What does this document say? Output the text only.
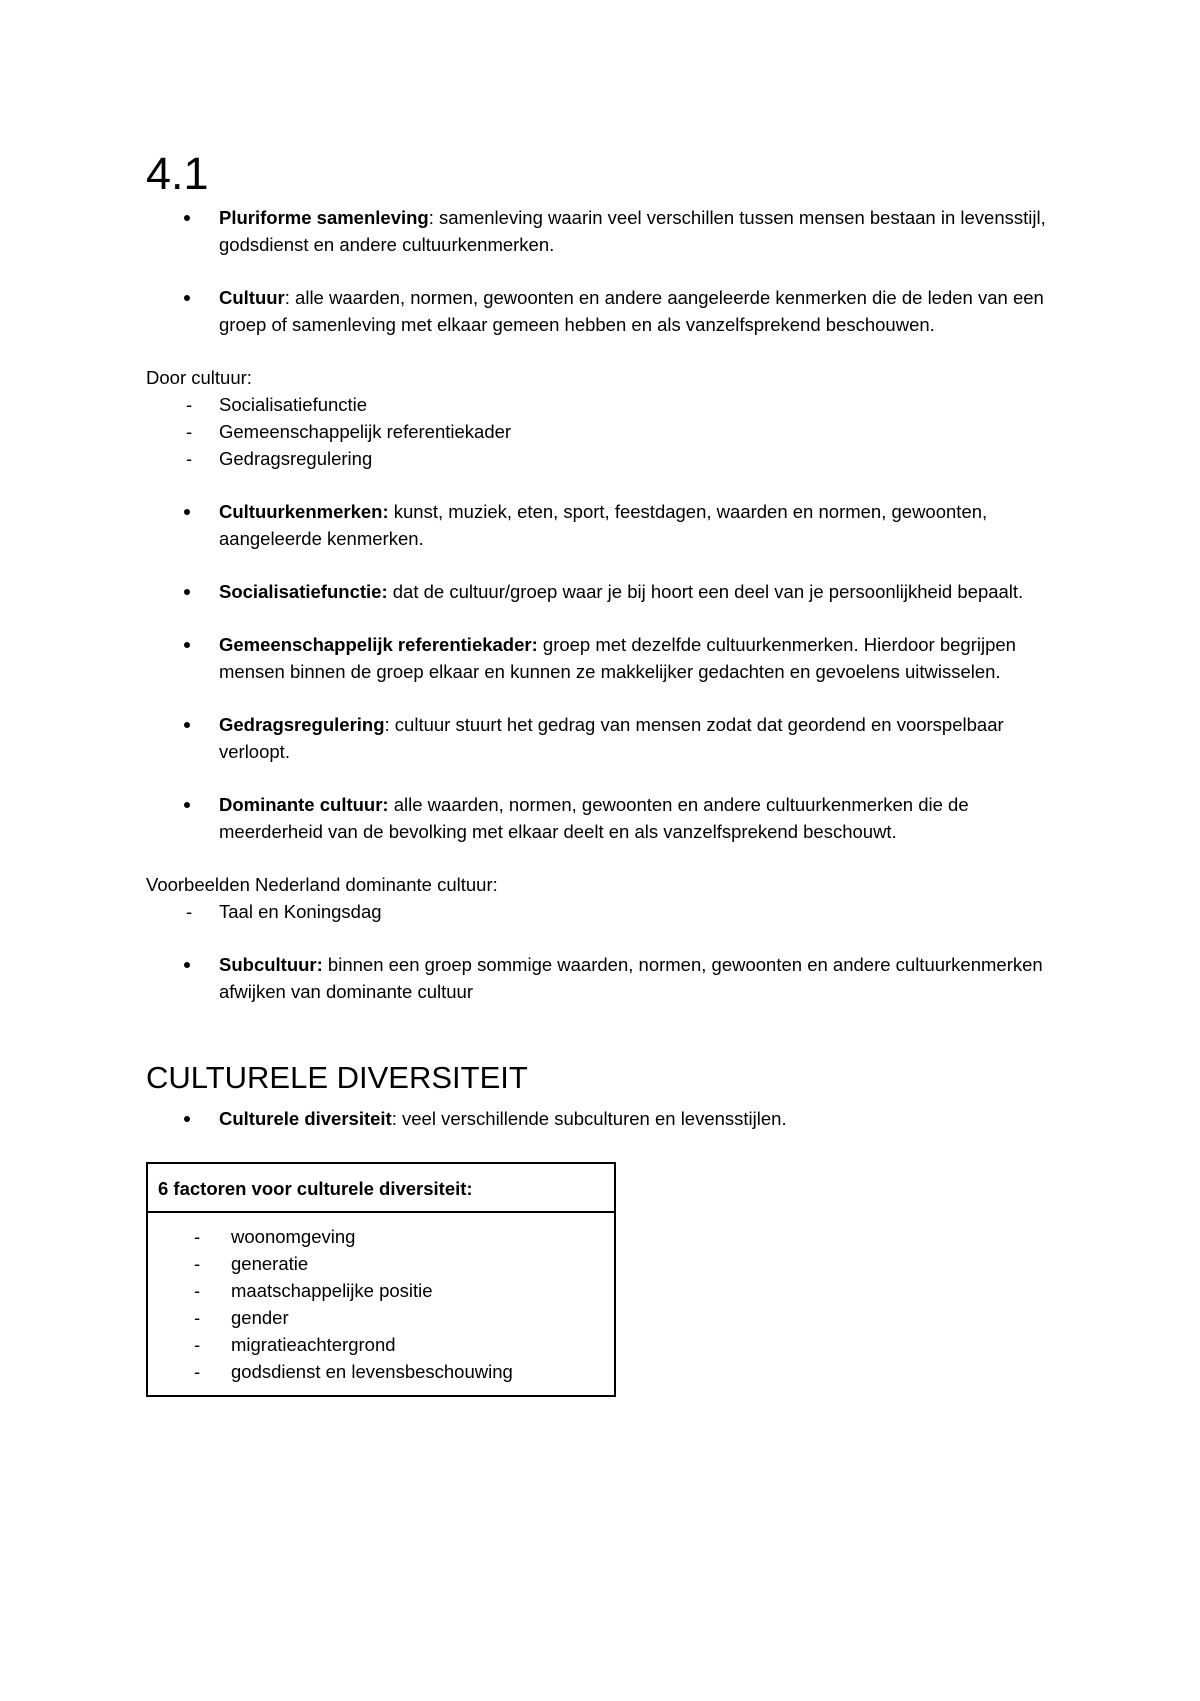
4.1
Pluriforme samenleving: samenleving waarin veel verschillen tussen mensen bestaan in levensstijl, godsdienst en andere cultuurkenmerken.
Cultuur: alle waarden, normen, gewoonten en andere aangeleerde kenmerken die de leden van een groep of samenleving met elkaar gemeen hebben en als vanzelfsprekend beschouwen.

Door cultuur:

- Socialisatiefunctie
- Gemeenschappelijk referentiekader
- Gedragsregulering
Cultuurkenmerken: kunst, muziek, eten, sport, feestdagen, waarden en normen, gewoonten, aangeleerde kenmerken.
Socialisatiefunctie: dat de cultuur/groep waar je bij hoort een deel van je persoonlijkheid bepaalt.
Gemeenschappelijk referentiekader: groep met dezelfde cultuurkenmerken. Hierdoor begrijpen mensen binnen de groep elkaar en kunnen ze makkelijker gedachten en gevoelens uitwisselen.
Gedragsregulering: cultuur stuurt het gedrag van mensen zodat dat geordend en voorspelbaar verloopt.
Dominante cultuur: alle waarden, normen, gewoonten en andere cultuurkenmerken die de meerderheid van de bevolking met elkaar deelt en als vanzelfsprekend beschouwt.

Voorbeelden Nederland dominante cultuur:

- Taal en Koningsdag
Subcultuur: binnen een groep sommige waarden, normen, gewoonten en andere cultuurkenmerken afwijken van dominante cultuur
CULTURELE DIVERSITEIT
Culturele diversiteit: veel verschillende subculturen en levensstijlen.
6 factoren voor culturele diversiteit:
- woonomgeving
- generatie
- maatschappelijke positie
- gender
- migratieachtergrond
- godsdienst en levensbeschouwing
